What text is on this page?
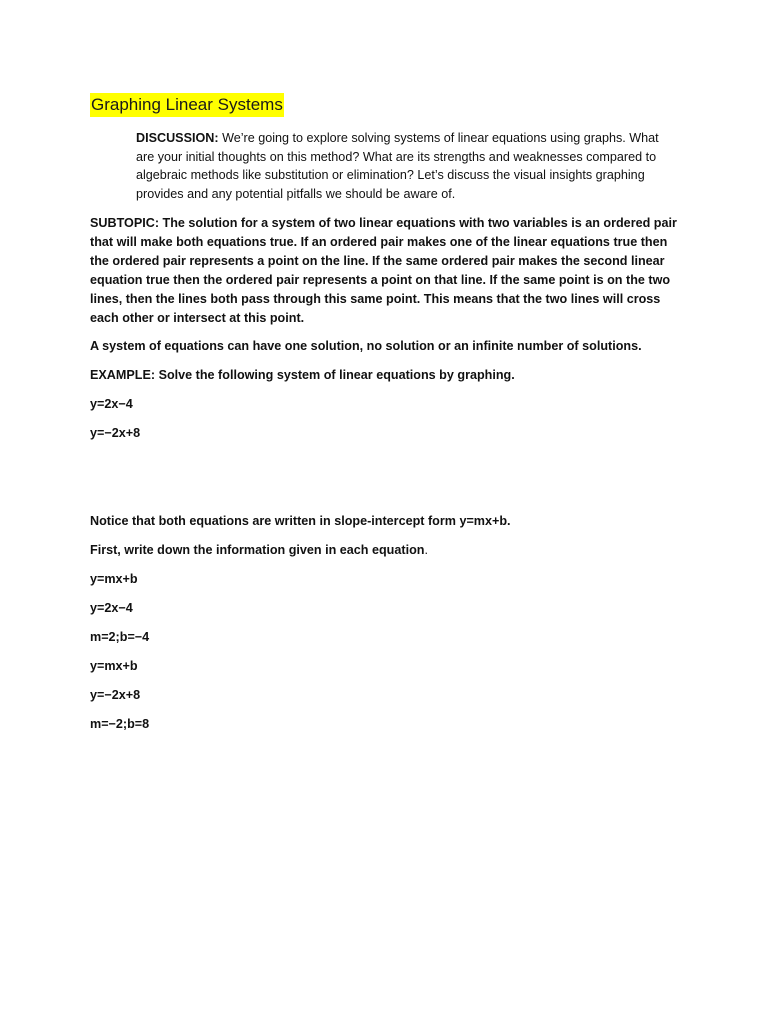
Graphing Linear Systems

DISCUSSION: We’re going to explore solving systems of linear equations using graphs. What are your initial thoughts on this method? What are its strengths and weaknesses compared to algebraic methods like substitution or elimination? Let’s discuss the visual insights graphing provides and any potential pitfalls we should be aware of.

SUBTOPIC: The solution for a system of two linear equations with two variables is an ordered pair that will make both equations true. If an ordered pair makes one of the linear equations true then the ordered pair represents a point on the line. If the same ordered pair makes the second linear equation true then the ordered pair represents a point on that line. If the same point is on the two lines, then the lines both pass through this same point. This means that the two lines will cross each other or intersect at this point.

A system of equations can have one solution, no solution or an infinite number of solutions.

EXAMPLE: Solve the following system of linear equations by graphing.

y=2x−4

y=−2x+8

Notice that both equations are written in slope-intercept form y=mx+b.

First, write down the information given in each equation.

y=mx+b

y=2x−4

m=2;b=−4

y=mx+b

y=−2x+8

m=−2;b=8
